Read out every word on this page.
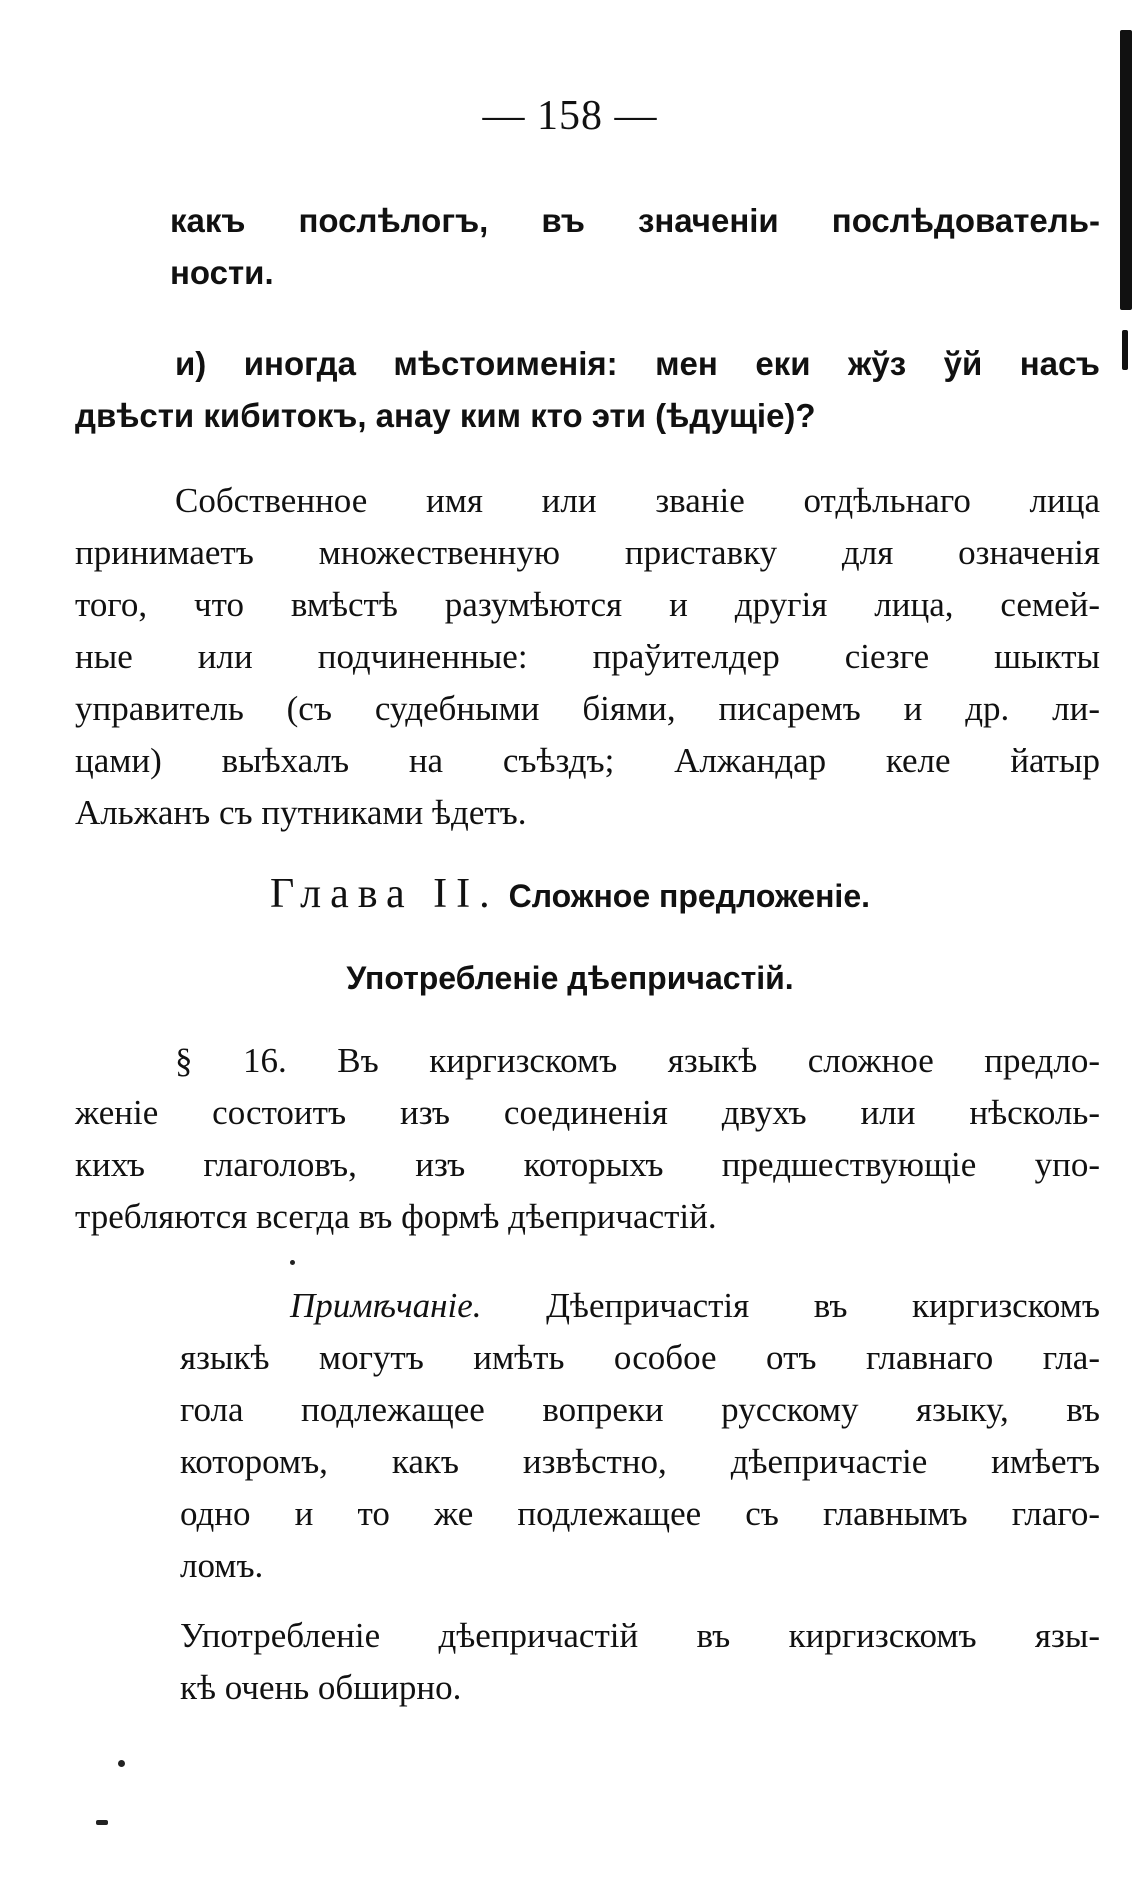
— 158 —
какъ послѣлогъ, въ значенiи послѣдователь-
ности.
и) иногда мѣстоименiя: мен еки жўз ўй насъ
двѣсти кибитокъ, анау ким кто эти (ѣдущiе)?
Собственное имя или званiе отдѣльнаго лица
принимаетъ множественную приставку для означенiя
того, что вмѣстѣ разумѣются и другiя лица, семей-
ные или подчиненные: праўителдер сiезге шыкты
управитель (съ судебными бiями, писаремъ и др. ли-
цами) выѣхалъ на съѣздъ; Алжандар келе йатыр
Альжанъ съ путниками ѣдетъ.
Глава II. Сложное предложенiе.
Употребленiе дѣепричастiй.
§ 16. Въ киргизскомъ языкѣ сложное предло-
женiе состоитъ изъ соединенiя двухъ или нѣсколь-
кихъ глаголовъ, изъ которыхъ предшествующiе упо-
требляются всегда въ формѣ дѣепричастiй.
Примѣчанiе. Дѣепричастiя въ киргизскомъ
языкѣ могутъ имѣть особое отъ главнаго гла-
гола подлежащее вопреки русскому языку, въ
которомъ, какъ извѣстно, дѣепричастiе имѣетъ
одно и то же подлежащее съ главнымъ глаго-
ломъ.
Употребленiе дѣепричастiй въ киргизскомъ язы-
кѣ очень обширно.
